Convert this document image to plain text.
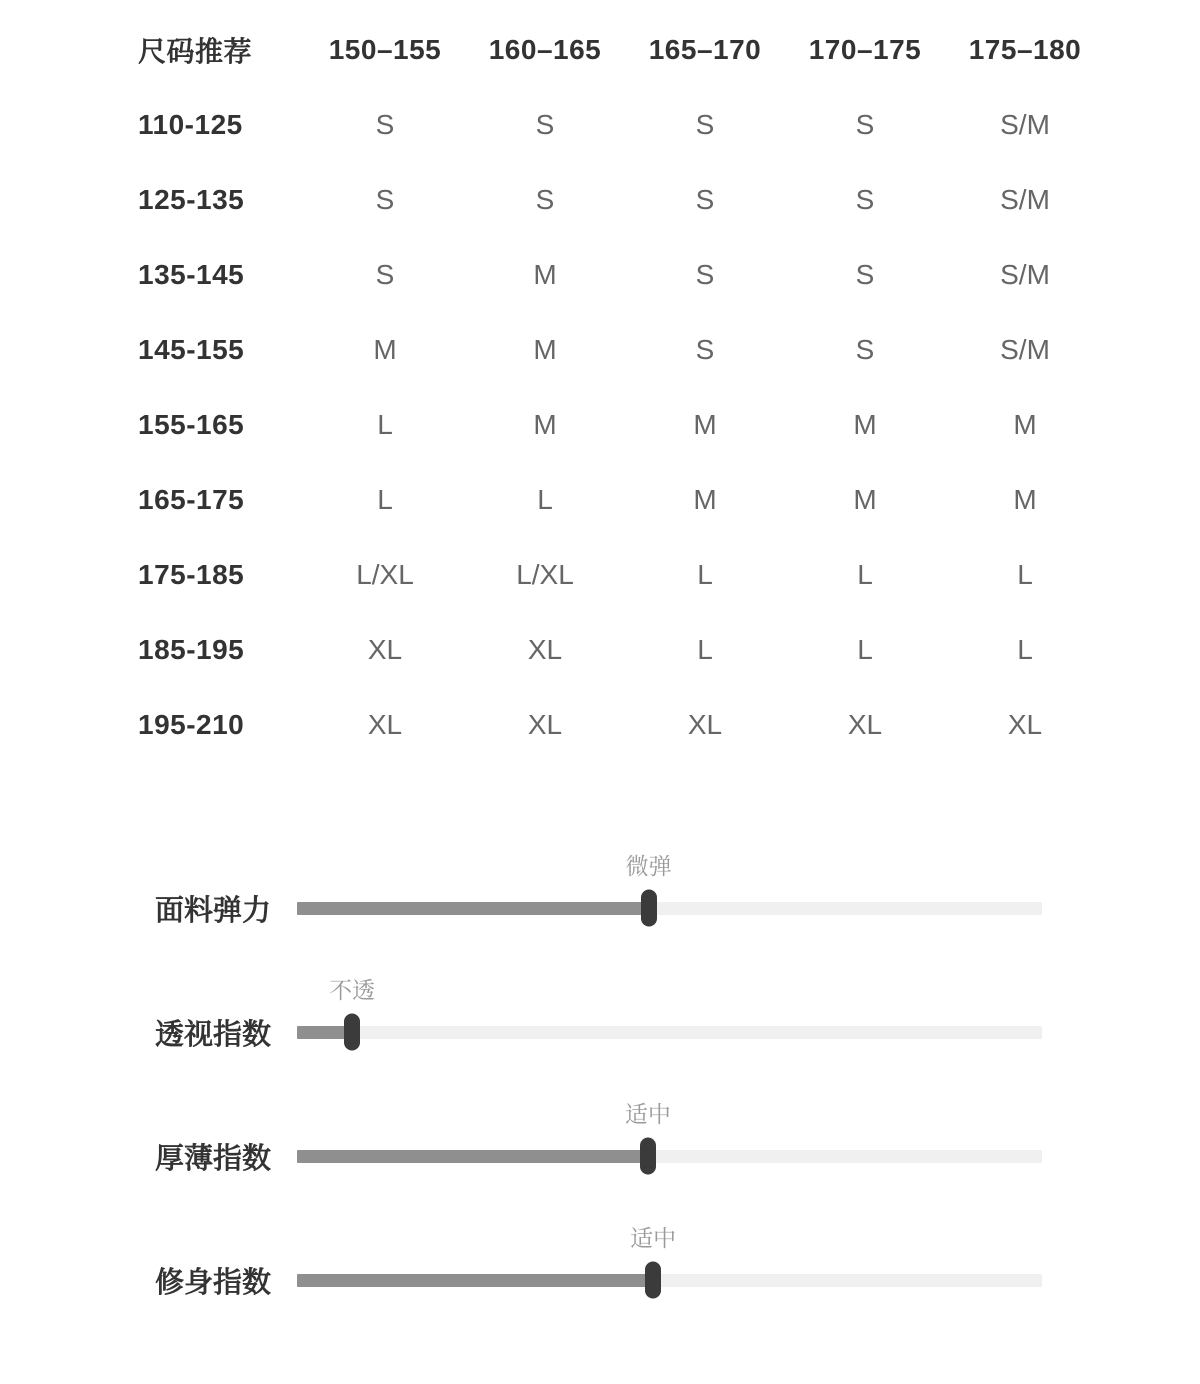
尺码推荐	150–155	160–165	165–170	170–175	175–180
110-125	S	S	S	S	S/M
125-135	S	S	S	S	S/M
135-145	S	M	S	S	S/M
145-155	M	M	S	S	S/M
155-165	L	M	M	M	M
165-175	L	L	M	M	M
175-185	L/XL	L/XL	L	L	L
185-195	XL	XL	L	L	L
195-210	XL	XL	XL	XL	XL
面料弹力
微弹
透视指数
不透
厚薄指数
适中
修身指数
适中
